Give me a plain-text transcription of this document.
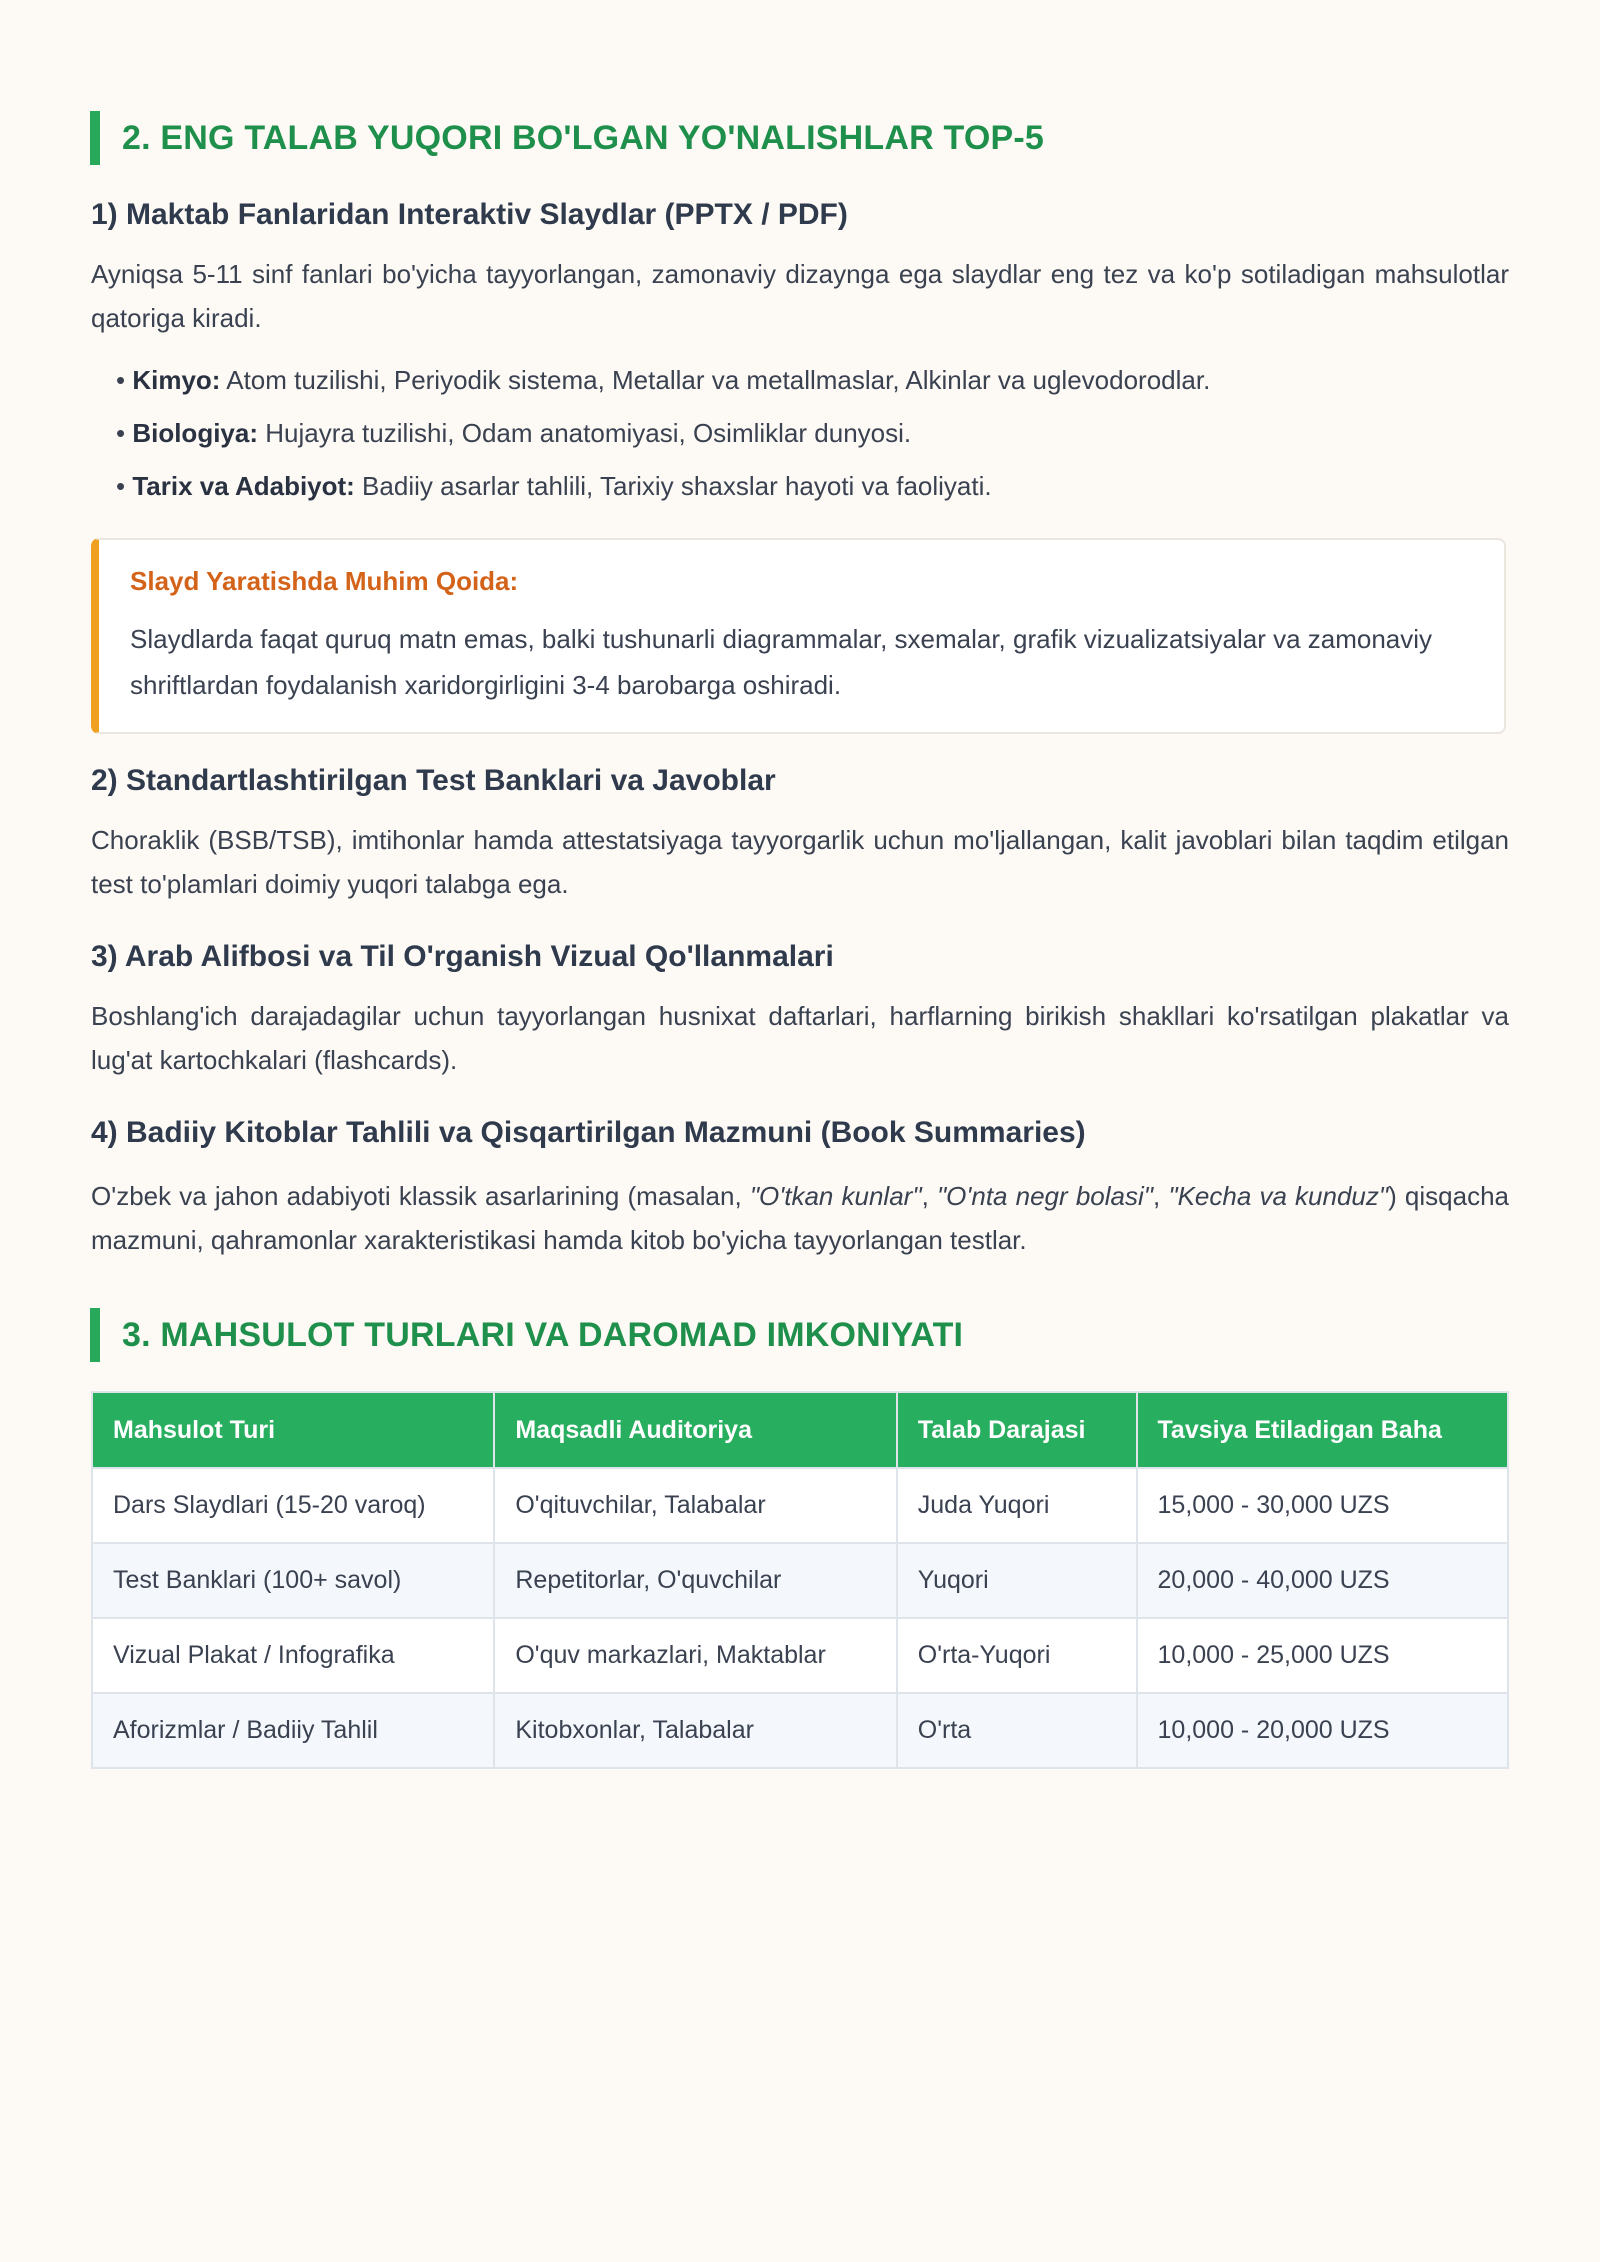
2. ENG TALAB YUQORI BO'LGAN YO'NALISHLAR TOP-5
1) Maktab Fanlaridan Interaktiv Slaydlar (PPTX / PDF)
Ayniqsa 5-11 sinf fanlari bo'yicha tayyorlangan, zamonaviy dizaynga ega slaydlar eng tez va ko'p sotiladigan mahsulotlar qatoriga kiradi.
• Kimyo: Atom tuzilishi, Periyodik sistema, Metallar va metallmaslar, Alkinlar va uglevodorodlar.
• Biologiya: Hujayra tuzilishi, Odam anatomiyasi, Osimliklar dunyosi.
• Tarix va Adabiyot: Badiiy asarlar tahlili, Tarixiy shaxslar hayoti va faoliyati.
Slayd Yaratishda Muhim Qoida:
Slaydlarda faqat quruq matn emas, balki tushunarli diagrammalar, sxemalar, grafik vizualizatsiyalar va zamonaviy shriftlardan foydalanish xaridorgirligini 3-4 barobarga oshiradi.
2) Standartlashtirilgan Test Banklari va Javoblar
Choraklik (BSB/TSB), imtihonlar hamda attestatsiyaga tayyorgarlik uchun mo'ljallangan, kalit javoblari bilan taqdim etilgan test to'plamlari doimiy yuqori talabga ega.
3) Arab Alifbosi va Til O'rganish Vizual Qo'llanmalari
Boshlang'ich darajadagilar uchun tayyorlangan husnixat daftarlari, harflarning birikish shakllari ko'rsatilgan plakatlar va lug'at kartochkalari (flashcards).
4) Badiiy Kitoblar Tahlili va Qisqartirilgan Mazmuni (Book Summaries)
O'zbek va jahon adabiyoti klassik asarlarining (masalan, "O'tkan kunlar", "O'nta negr bolasi", "Kecha va kunduz") qisqacha mazmuni, qahramonlar xarakteristikasi hamda kitob bo'yicha tayyorlangan testlar.
3. MAHSULOT TURLARI VA DAROMAD IMKONIYATI
Mahsulot Turi	Maqsadli Auditoriya	Talab Darajasi	Tavsiya Etiladigan Baha
Dars Slaydlari (15-20 varoq)	O'qituvchilar, Talabalar	Juda Yuqori	15,000 - 30,000 UZS
Test Banklari (100+ savol)	Repetitorlar, O'quvchilar	Yuqori	20,000 - 40,000 UZS
Vizual Plakat / Infografika	O'quv markazlari, Maktablar	O'rta-Yuqori	10,000 - 25,000 UZS
Aforizmlar / Badiiy Tahlil	Kitobxonlar, Talabalar	O'rta	10,000 - 20,000 UZS
